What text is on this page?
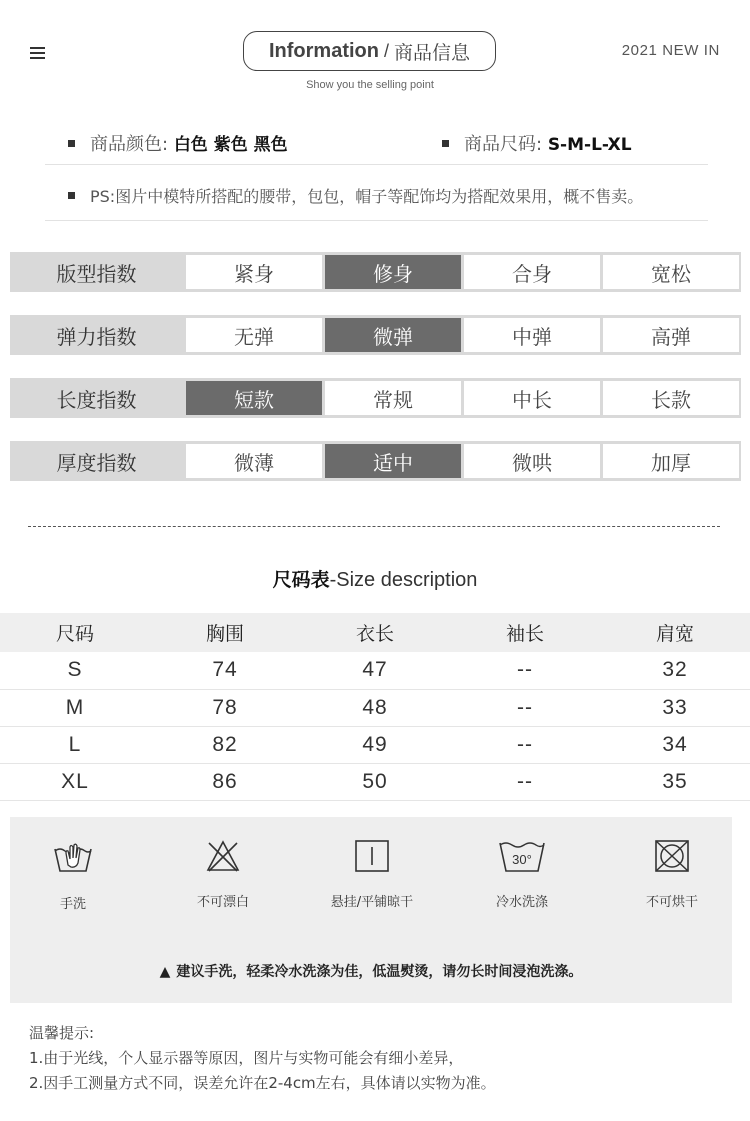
Information / 商品信息
Show you the selling point
2021 NEW IN
商品颜色: 白色 紫色 黑色	商品尺码: S-M-L-XL
PS:图片中模特所搭配的腰带，包包，帽子等配饰均为搭配效果用，概不售卖。
版型指数	紧身	修身	合身	宽松
弹力指数	无弹	微弹	中弹	高弹
长度指数	短款	常规	中长	长款
厚度指数	微薄	适中	微哄	加厚
尺码表-Size description
尺码	胸围	衣长	袖长	肩宽
S	74	47	--	32
M	78	48	--	33
L	82	49	--	34
XL	86	50	--	35
手洗	不可漂白	悬挂/平铺晾干
30°
冷水洗涤	不可烘干
▲ 建议手洗，轻柔冷水洗涤为佳，低温熨烫，请勿长时间浸泡洗涤。
温馨提示:
1.由于光线，个人显示器等原因，图片与实物可能会有细小差异，
2.因手工测量方式不同，误差允许在2-4cm左右，具体请以实物为准。
